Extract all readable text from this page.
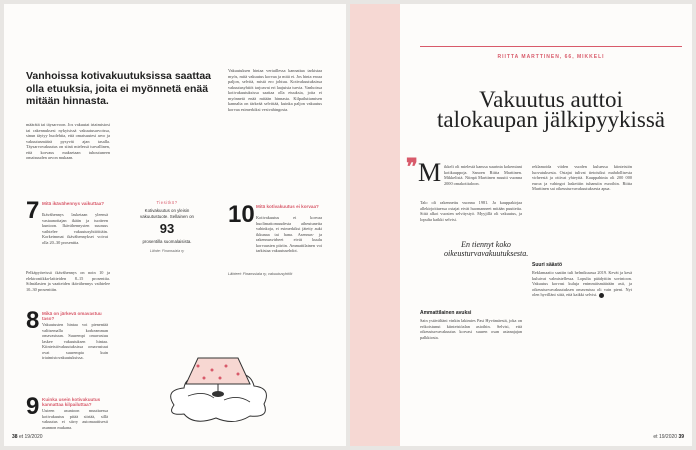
Vanhoissa kotivakuutuksissa saattaa olla etuuksia, joita ei myönnetä enää mitään hinnasta.
määrätä tai täysarvoon. Jos vakuutat irtaimistosi tai rakennuksesi nykyisissä vakuutusarvoissa, sinun täytyy huolehtia, että omaisuutesi arvo ja vakuutusmäärä pysyvät ajan tasalla. Täysarvovakuutus on siinä mielessä turvallinen, että korvaus maksetaan tuhoutuneen omaisuuden arvon mukaan.
7 Mitä ikävähennys vaikuttaa?
Ikävähennys lasketaan yleensä vastaanottajan ikään ja tuotteen kuntoon. Ikävähennysten suuruus vaihtelee vakuutusyhtiöittäin. Korkeimmat ikävähennykset voivat olla 20–30 prosenttia.
Pelkäpyöreissä ikävähennys on noin 10 ja elektroniikka-laitteiden 8–15 prosenttia. Silmälasien ja vaatteiden ikävähennys vaihtelee 10–30 prosenttiin.
8 Mikä on järkevä omavastuu taso?
Vakuutusten hintaa voi pienentää valitsemalla korkeamman omavastuun. Suurempi omavastuu laskee vakuutuksen hintaa. Kiinteistövakuutuksissa omavastuut ovat suurempia kuin irtaimistovakuutuksissa.
9 Kuinka usein kotivakuutus kannattaa kilpailuttaa?
Uuteen asuntoon muuttaessa kotivakuutus pitää siirtää, sillä vakuutus ei siirry automaattisesti asunnon mukana.
Vakuutuksen hintaa vertaillessa kannattaa tarkistaa myös, mitä vakuutus korvaa ja mitä ei. Jos hinta eroaa paljon, selvitä, mistä ero johtuu. Kotivakuutuksissa vakuutusyhtiöt tarjoavat eri laajuisia turvia. Vanhoissa kotivakuutuksissa saattaa olla etuuksia, joita ei myönnetä enää mitään hinnasta. Kilpailuttamisen kannalta on tärkeää selvittää, kuinka paljon vakuutus korvaa esimerkiksi vesivahingosta.
Tiesitkö?
Kotivakuutus on yleisin vakuutustuote. Sellainen on
93
prosentilla suomalaisista.
Lähde: Finanssiala ry
10 Mitä kotivakuutus ei korvaa?
Kotivakuutus ei korvaa huolimattomuudesta aiheutuneita vahinkoja, ei esimerkiksi jätetty auki ikkunaa tai hana. Asennus- ja rakennusvirheet eivät kuulu korvausten piiriin. Ammattilainen voi tarkistaa vakuutusehdot.
Lähteet: Finanssiala ry, vakuutusyhtiöt
38 et 19/2020
RIITTA MARTTINEN, 66, MIKKELI
Vakuutus auttoi talokaupan jälkipyykissä
❞ M ikkeli oli mielestä kanssa suurinta kokemiani kotikauppoja. Sanoen Riitta Marttinen. Mikkelistä. Niinpä Marttinen muutti vuonna 2000 omakotitaloon.
Talo oli rakennettu vuonna 1981. Ja kauppakirjaa allekirjoittaessa ostajat eivät huomanneet mitään puutteita. Siitä alkoi vuosien selvitystyö. Myyjillä oli vakuutus, ja lopulta kaikki selvisi.
En tiennyt koko oikeusturvavakuutuksesta.
reklamoida viiden vuoden kuluessa kiinteistön luovutuksesta. Ostajat tulivat tietoisiksi mahdollisesta virheestä ja ottivat yhteyttä. Kauppahinta oli 200 000 euroa ja vahingot laskettiin tuhansiin euroihin. Riitta Marttinen sai oikeusturvavakuutuksesta apua.
Ammattilainen avuksi
Sain ystävältäni vinkin lakimies Pasi Hyvämäestä, joka on erikoistunut kiinteistöalan asioihin. Selvisi, että oikeusturvavakuutus korvasi suuren osan asianajajan palkkiosta.
Suuri säästö
Reklamaatio saatiin tuli helmikuussa 2019. Kevät ja kesä kuluivat valmistellessa. Lopulta päädyttiin sovintoon. Vakuutus korvasi kuluja enimmäismäärään asti, ja oikeusturvavakuutuksen omavastuu oli vain pieni. Nyt olen hyvilläni siitä, että kaikki selvisi.
et 19/2020 39
